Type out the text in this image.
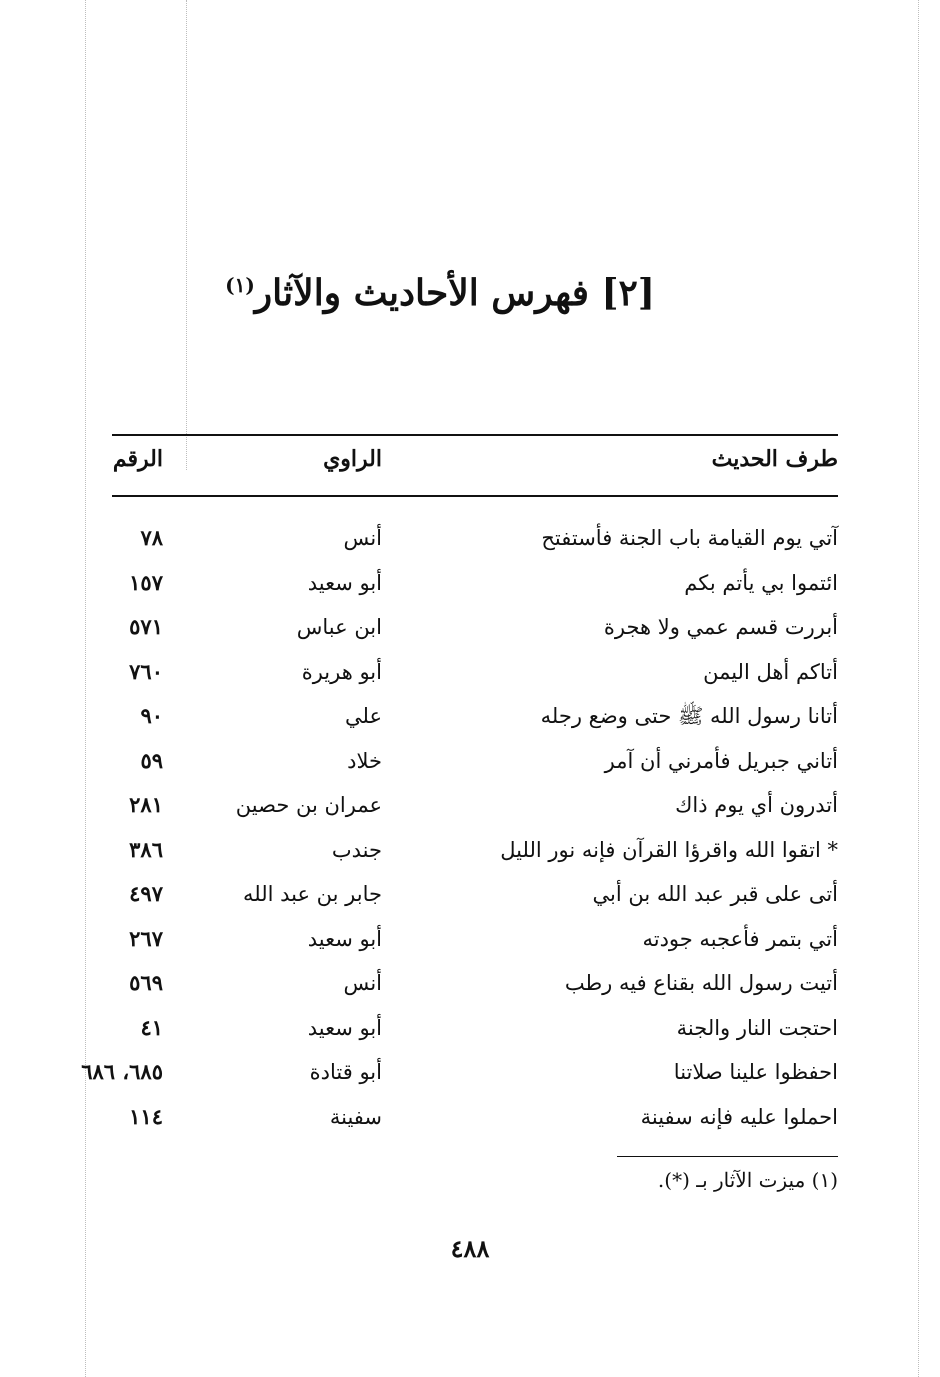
[٢] فهرس الأحاديث والآثار$^{(١)}$
طرف الحديث
الراوي
الرقم
آتي يوم القيامة باب الجنة فأستفتح
أنس
٧٨
ائتموا بي يأتم بكم
أبو سعيد
١٥٧
أبررت قسم عمي ولا هجرة
ابن عباس
٥٧١
أتاكم أهل اليمن
أبو هريرة
٧٦٠
أتانا رسول الله ﷺ حتى وضع رجله
علي
٩٠
أتاني جبريل فأمرني أن آمر
خلاد
٥٩
أتدرون أي يوم ذاك
عمران بن حصين
٢٨١
* اتقوا الله واقرؤا القرآن فإنه نور الليل
جندب
٣٨٦
أتى على قبر عبد الله بن أبي
جابر بن عبد الله
٤٩٧
أتي بتمر فأعجبه جودته
أبو سعيد
٢٦٧
أتيت رسول الله بقناع فيه رطب
أنس
٥٦٩
احتجت النار والجنة
أبو سعيد
٤١
احفظوا علينا صلاتنا
أبو قتادة
٦٨٥، ٦٨٦
احملوا عليه فإنه سفينة
سفينة
١١٤
(١) ميزت الآثار بـ (*).
٤٨٨
